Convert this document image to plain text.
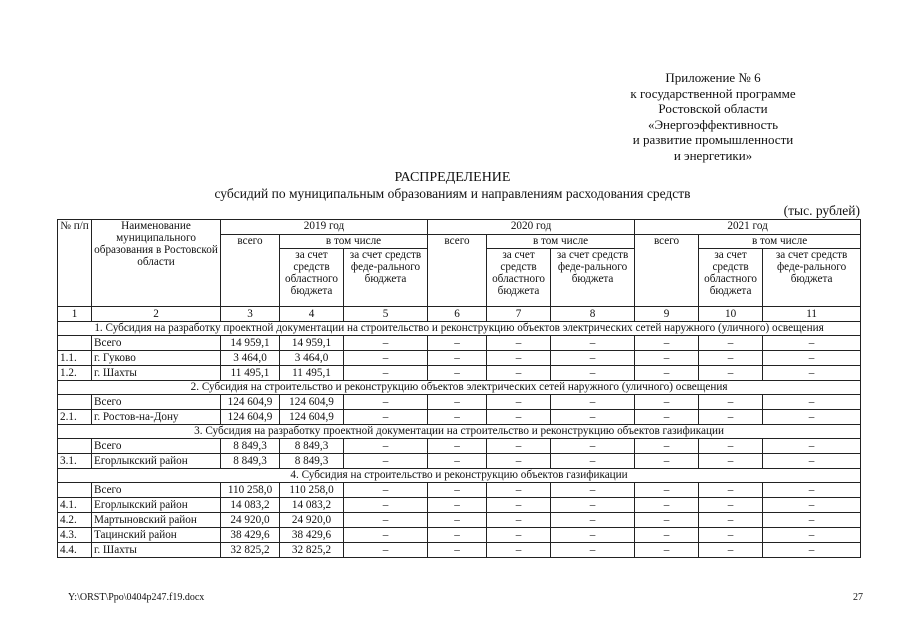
Приложение № 6
к государственной программе
Ростовской области
«Энергоэффективность
и развитие промышленности
и энергетики»
РАСПРЕДЕЛЕНИЕ
субсидий по муниципальным образованиям и направлениям расходования средств
(тыс. рублей)
№ п/п	Наименование муниципального образования в Ростовской области	2019 год			2020 год			2021 год		
		всего	в том числе		всего	в том числе		всего	в том числе	
			за счет средств областного бюджета	за счет средств феде-рального бюджета		за счет средств областного бюджета	за счет средств феде-рального бюджета		за счет средств областного бюджета	за счет средств феде-рального бюджета
1	2	3	4	5	6	7	8	9	10	11
1. Субсидия на разработку проектной документации на строительство и реконструкцию объектов электрических сетей наружного (уличного) освещения										
	Всего	14 959,1	14 959,1	–	–	–	–	–	–	–
1.1.	г. Гуково	3 464,0	3 464,0	–	–	–	–	–	–	–
1.2.	г. Шахты	11 495,1	11 495,1	–	–	–	–	–	–	–
2. Субсидия на строительство и реконструкцию объектов электрических сетей наружного (уличного) освещения										
	Всего	124 604,9	124 604,9	–	–	–	–	–	–	–
2.1.	г. Ростов-на-Дону	124 604,9	124 604,9	–	–	–	–	–	–	–
3. Субсидия на разработку проектной документации на строительство и реконструкцию объектов газификации										
	Всего	8 849,3	8 849,3	–	–	–	–	–	–	–
3.1.	Егорлыкский район	8 849,3	8 849,3	–	–	–	–	–	–	–
4. Субсидия на строительство и реконструкцию объектов газификации										
	Всего	110 258,0	110 258,0	–	–	–	–	–	–	–
4.1.	Егорлыкский район	14 083,2	14 083,2	–	–	–	–	–	–	–
4.2.	Мартыновский район	24 920,0	24 920,0	–	–	–	–	–	–	–
4.3.	Тацинский район	38 429,6	38 429,6	–	–	–	–	–	–	–
4.4.	г. Шахты	32 825,2	32 825,2	–	–	–	–	–	–	–
Y:\ORST\Ppo\0404p247.f19.docx	27
